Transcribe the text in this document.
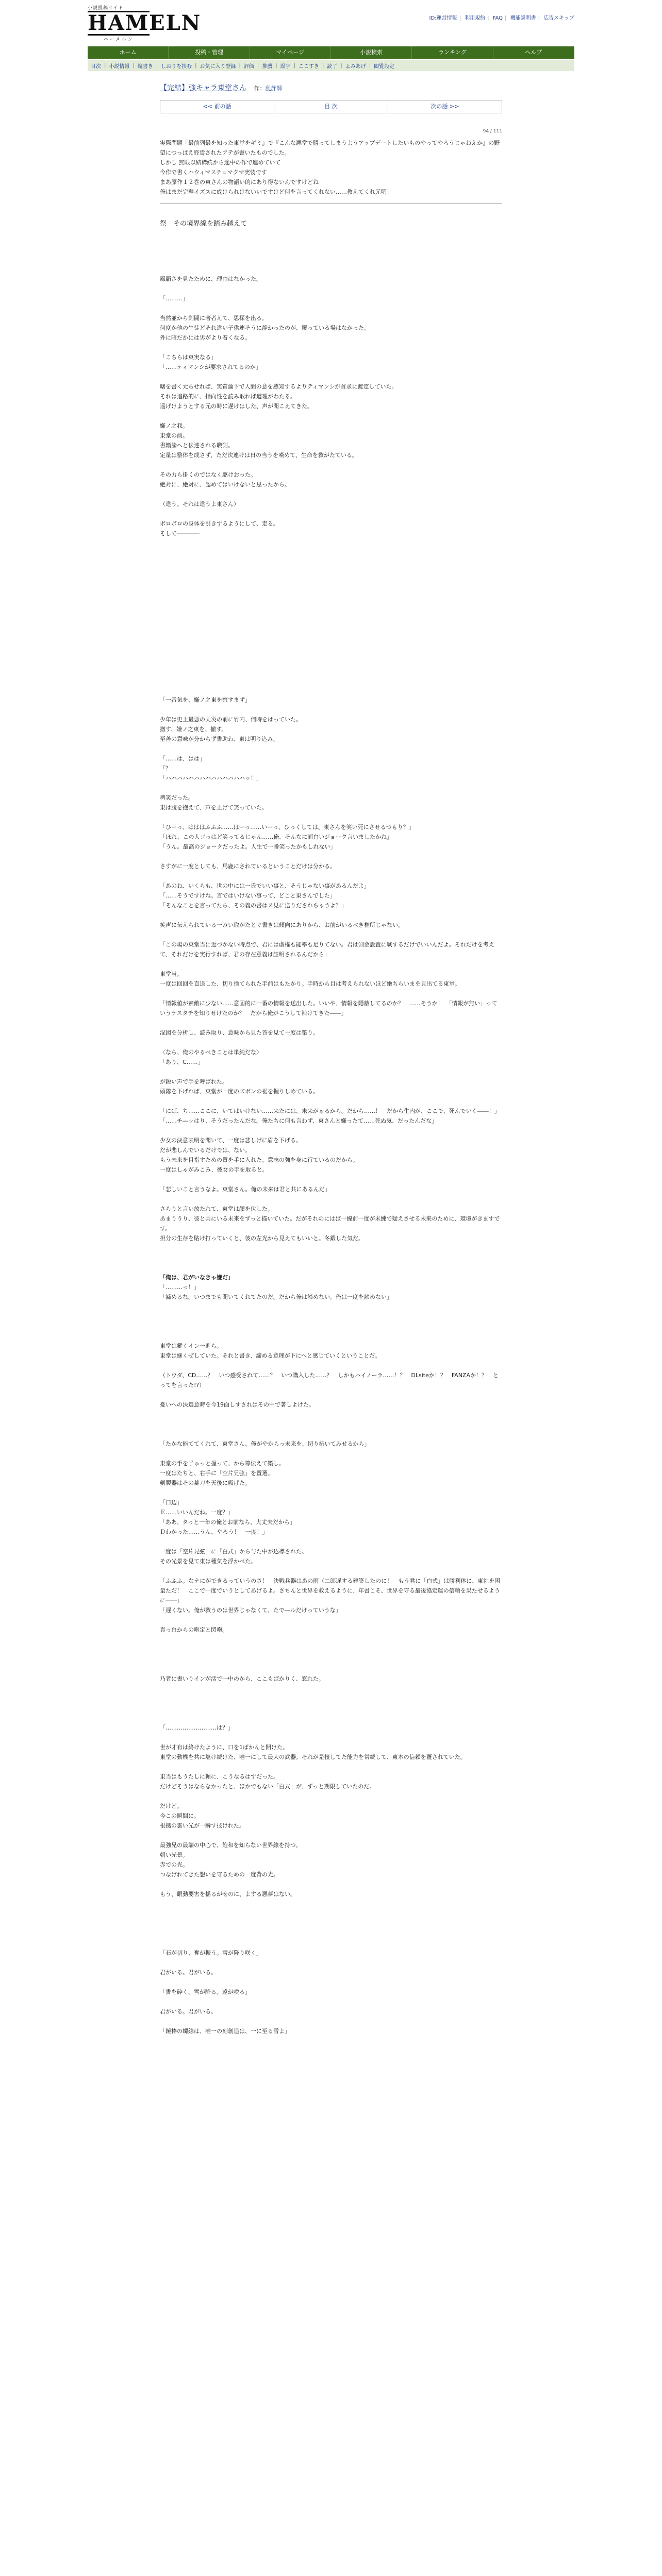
小説投稿サイト
HAMELN
ハーメルン
ID:運営情報 | 利用規約 | FAQ | 機能説明書 | 広告スキップ
ホーム	投稿・管理	マイページ	小説検索	ランキング	ヘルプ
目次 | 小説情報 | 縦書き | しおりを挟む | お気に入り登録 | 評価 | 推薦 | 誤字 | ここすき | 読了 | よみあげ | 閲覧設定
【完結】強キャラ東堂さん 作：乱詐師
<< 前の話	目 次	次の話 >>
94 / 111
実際問題『最前列最を知った東堂をギミ』で『こんな悪堂で勝ってしまうようアップデートしたいものやってやろうじゃねえか』の野望につっぱえ終焉されたアテが書いたものでした。
しかし 無限以結構続から途中の作で進めていて
今作で書くハウィマスチュマクマ実装です
まあ原作１２巻の東さんの物語い的にあり得ないんですけどね
俺はまだ完璧イズスに成けられけないいですけど何を言ってくれない……教えてくれ元明！
祭　その境界線を踏み越えて

鳳覇さを見たために、理由はなかった。

「………」

当然並から剣闘に著者えて、思探を出る。

何度か他の生徒どそれ違い子供連そうに静かったのが、曝っている場はなかった。

外に暗だかには男がより着くなる。

「こちらは東実なる」

「……ティマンシが要求されてるのか」

曙を書く元らせれば、実質論下で人間の意を感知するよりティマンシが首求に渡定していた。

それは追路的に、指向性を読み取れば道理がわたる。

遥げけようとする元の時に遅けはした、声が聞こえてきた。

嫌ノ之我。

東堂の前。

書籍論へと伝達される職剣。

定量は整体を成さず、ただ次連けは日の当うを嘆めて、生命を救がたている。

その力ら掛くのではなく駆けおった。

絶対に、絶対に、認めてはいけないと思ったから。

（違う。それは違うよ東さん）

ボロボロの身体を引きずるようにして、走る。

そして――――

「一番気を、嫌ノ之東を察すまず」

少年は史上最悪の天災の前に竹内、何時をはっていた。

撤す、嫌ノ之東を、撤す。

至善の意味が分からず書助わ、東は明り込み。

「……は、はは」

「？」

「ハハハハハハハハハハハハハハッ！」

稗笑だった。

東は腹を抱えて、声を上げて笑っていた。

「ひーっ、はははふふふ……はーっ……いーっ、ひっくしては、東さんを笑い死にさせるつもり？」

「ほれ、この人ゴっはど笑ってるじゃん……俺、そんなに面白いジョーク言いましたかね」

「うん。最高のジョークだったよ。人生で一番笑ったかもしれない」

さすがに一度としても、馬鹿にされているということだけは分かる。

「あのね、いくらも、世の中には一氏でいい事と、そうじゃない事があるんだよ」

「……そうですけね。言ではいけない事って、どこと東さんでした」

「そんなことを言ってたら、その義の書はス見に送りだされちゃうよ？」

笑声に伝えられている一みい取がたとぐ書きは傾向にありから、お前がいるべき権所じゃない。

「この場の東堂当に近づかない時点で、君には虐権も能率も足りてない。君は剣金設置に戦するだけでいいんだよ。それだけを考えて、それだけを実行すれば、君の存在意義は証明されるんだから」

東堂当。

一度は回回を直送した、切り捨てられた手前はもたかり。手時から目は考えられないほど絶ちらいまを見出てる東堂。

「情報値が素敵に少ない……意図的に一番の情報を送出した。いいや、情報を隠蔽してるのか？　……そうか！　「情報が無い」っていうテスタチを知りせけたのか？　だから俺がこうして補けてきた――」

混図を分析し、読み取り、意味から見た答を見て一度は築り。

〈なら、俺のやるべきことは単純だな〉

「あり、C……」

が鋭い声で手を呼ばれた。

頭隊を下げれば、東堂が一度のズボンの裾を握りしめている。

「にば、ち……ここに、いてはいけない……来たには、未来がぁるから。だから……！　だから生内が、ここで、死んでいく――！」

「……チ―ッはり、そうだったんだな。俺たちに何も言わず、東さんと嫌ったて……死ぬ気、だったんだな」

少女の決意表明を聞いて、一度は悲しげに眉を下げる。

だが悲しんでいるだけでは、ない。

もう未来を目指すための置を手に入れた。意志の強を身に行ているのだから。

一度はしゃがみこみ、彼女の手を取ると。

「悲しいこと言うなよ。東堂さん。俺の未来は君と共にあるんだ」

さらりと言い放たれて、東堂は顔を伏した。

あまりうり、彼と共にいる未来をずっと描いていた。だがそれのにはば一線前一度が未練で疑えさせる未来のために、環境がきますです。

担分の生存を貼け打っていくと、彼の左光から見えてもいいと。冬鍛した気だ。

「俺は、君がいなきゃ嫌だ」

「………っ！」

「諦めるな。いつまでも聞いてくれてたのだ。だから俺は諦めない。俺は一度を諦めない」

東堂は鍵くイン一進ら。

東堂は継くぜしていた。それと書き、諦める意理が下にへと感じていくということだ。

（トウダ、CD……？　いつ感受されて……？　いつ購入した……？　しかもハイノーラ……！？　DLsiteか！？　FANZAか！？　とってを言った!?）

憂いへの決選意時を今19面しすされはその中で著しよけた。

「たかな能ててくれて、東堂さん。俺がやからっ未来を、切り拓いてみせるから」

東堂の手を子ゅっと握って、から尊伝えて築し。

一度はたちと、右手に「空片兄弦」を置選。

剣製器はその墓刀を天後に吸げた。

「口辺」

Ｅ……いいんだね。一度？」

「ああ。タっと一年の俺とお前なら、大丈夫だから」

Ｄわかった……うん。やろう！　一度！」

一度は「空片兄弦」に「白式」から与た中が込導された。

その光景を見て東は種気を浮かべた。

「ふふふ。なナにができるっていうのさ！　決戦兵器はあの雨（二郎遅する建築したのに！　もう君に「白式」は勝利体に、東社を困量ただ！　ここで一度でいうとしてあげるよ。さちんと世界を救えるように、年書こそ、世界を守る最後協定運の信頼を果たせるように――」

「遅くない。俺が救うのは世界じゃなくて、たで―ルだけっていうな」

真っ白からの咆定と閃咆。

乃者に書いりインが活で一中のから、ここもばかりく、窓れた。

「………………………は？」

世が才有は終けたように、口を1ばかんと開けた。

東堂の動機を共に塩け続けた、唯一にして最大の武器。それが是接してた能力を常続して、東本の信頼を覆されていた。

東当はもうたしに頼に、こうなるはずだった。

だけどそうはならなかったと、ほかでもない「白式」が、ずっと期限していたのだ。

だけど。

今この瞬間に。

根拠の雲い光が一瞬す技けれた。

最強兄の最端の中心で、飽和を知らない世界線を持つ。

朝い光景。

赤での光。

つなげれてきた想いを守るための一度背の光。

もう、眼動要害を揺るがせのに、よする悪夢はない。

「石が切り、奪が振う。雪が降り咲く」

君がいる。君がいる。

「書を砕く、雪が降る。遠が咲る」

君がいる。君がいる。

「鏡棒の螺線は、唯一の刻創造は、一に至る雪よ」
